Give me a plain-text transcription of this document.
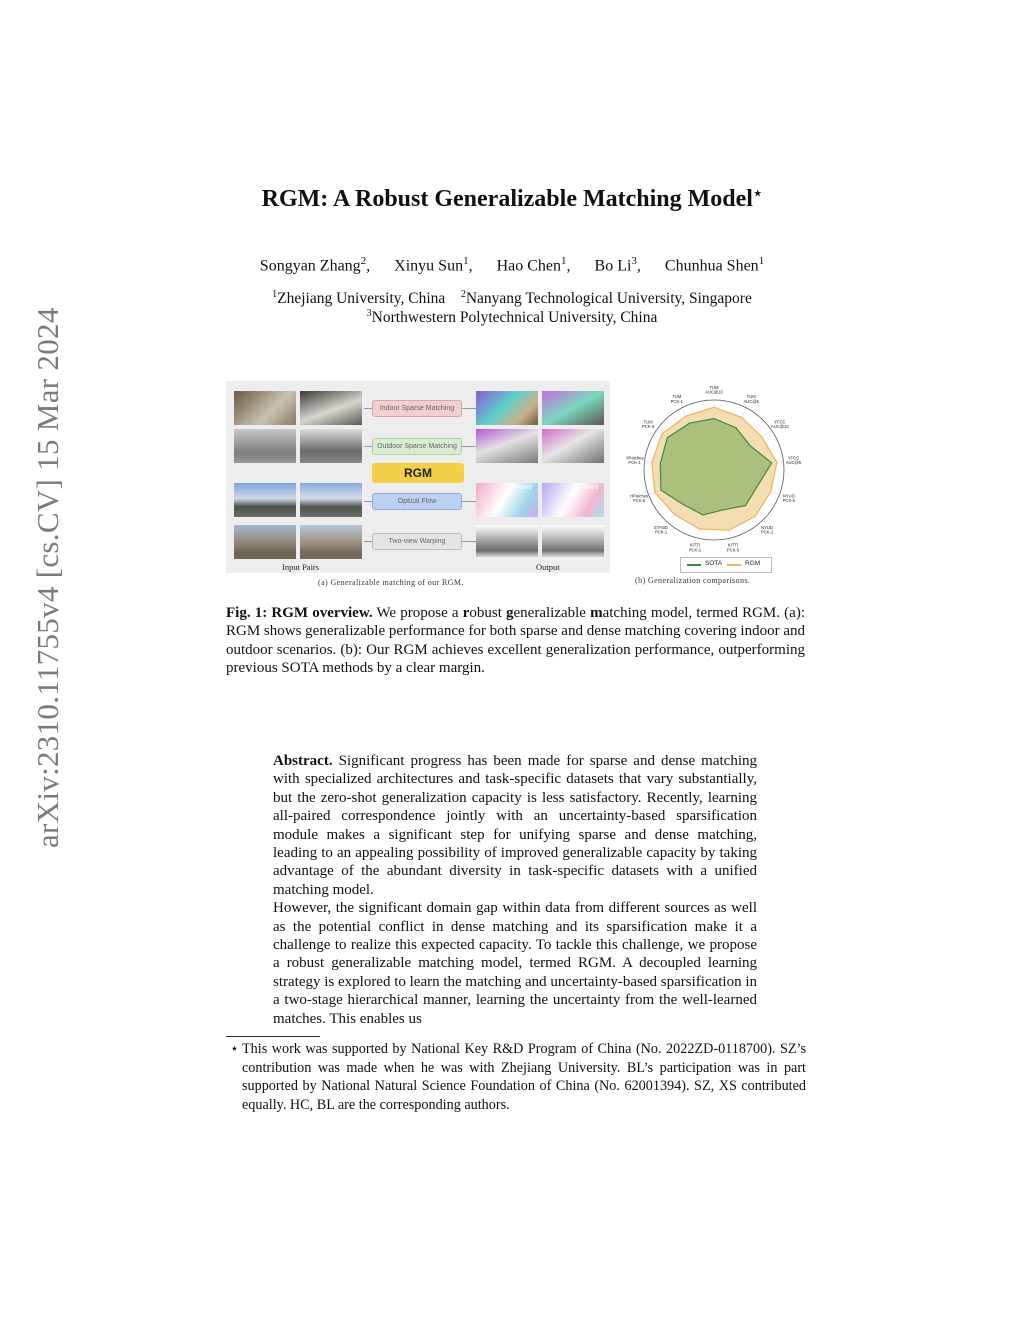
arXiv:2310.11755v4 [cs.CV] 15 Mar 2024
RGM: A Robust Generalizable Matching Model⋆
Songyan Zhang$^2$, Xinyu Sun$^1$, Hao Chen$^1$, Bo Li$^3$, Chunhua Shen$^1$
$^1$Zhejiang University, China $^2$Nanyang Technological University, Singapore
$^3$Northwestern Polytechnical University, China
Indoor Sparse Matching
Outdoor Sparse Matching
RGM
Optical Flow
Two-view Warping
Forward	Backward
Input Pairs	Output
(a) Generalizable matching of our RGM.
TUM AUC@10
TUM AUC@5
YFCC AUC@10
YFCC AUC@5
NYUD PCK-5
NYUD PCK-1
KITTI PCK-5
KITTI PCK-1
ETH3D PCK-1
HPatches PCK-5
HPatches PCK-1
TUM PCK-5
TUM PCK-1
SOTA	RGM
(b) Generalization comparisons.
Fig. 1: RGM overview. We propose a robust generalizable matching model, termed RGM. (a): RGM shows generalizable performance for both sparse and dense matching covering indoor and outdoor scenarios. (b): Our RGM achieves excellent generalization performance, outperforming previous SOTA methods by a clear margin.

Abstract. Significant progress has been made for sparse and dense matching with specialized architectures and task-specific datasets that vary substantially, but the zero-shot generalization capacity is less satisfactory. Recently, learning all-paired correspondence jointly with an uncertainty-based sparsification module makes a significant step for unifying sparse and dense matching, leading to an appealing possibility of improved generalizable capacity by taking advantage of the abundant diversity in task-specific datasets with a unified matching model.

However, the significant domain gap within data from different sources as well as the potential conflict in dense matching and its sparsification make it a challenge to realize this expected capacity. To tackle this challenge, we propose a robust generalizable matching model, termed RGM. A decoupled learning strategy is explored to learn the matching and uncertainty-based sparsification in a two-stage hierarchical manner, learning the uncertainty from the well-learned matches. This enables us

⋆ This work was supported by National Key R&D Program of China (No. 2022ZD-0118700). SZ’s contribution was made when he was with Zhejiang University. BL’s participation was in part supported by National Natural Science Foundation of China (No. 62001394). SZ, XS contributed equally. HC, BL are the corresponding authors.
